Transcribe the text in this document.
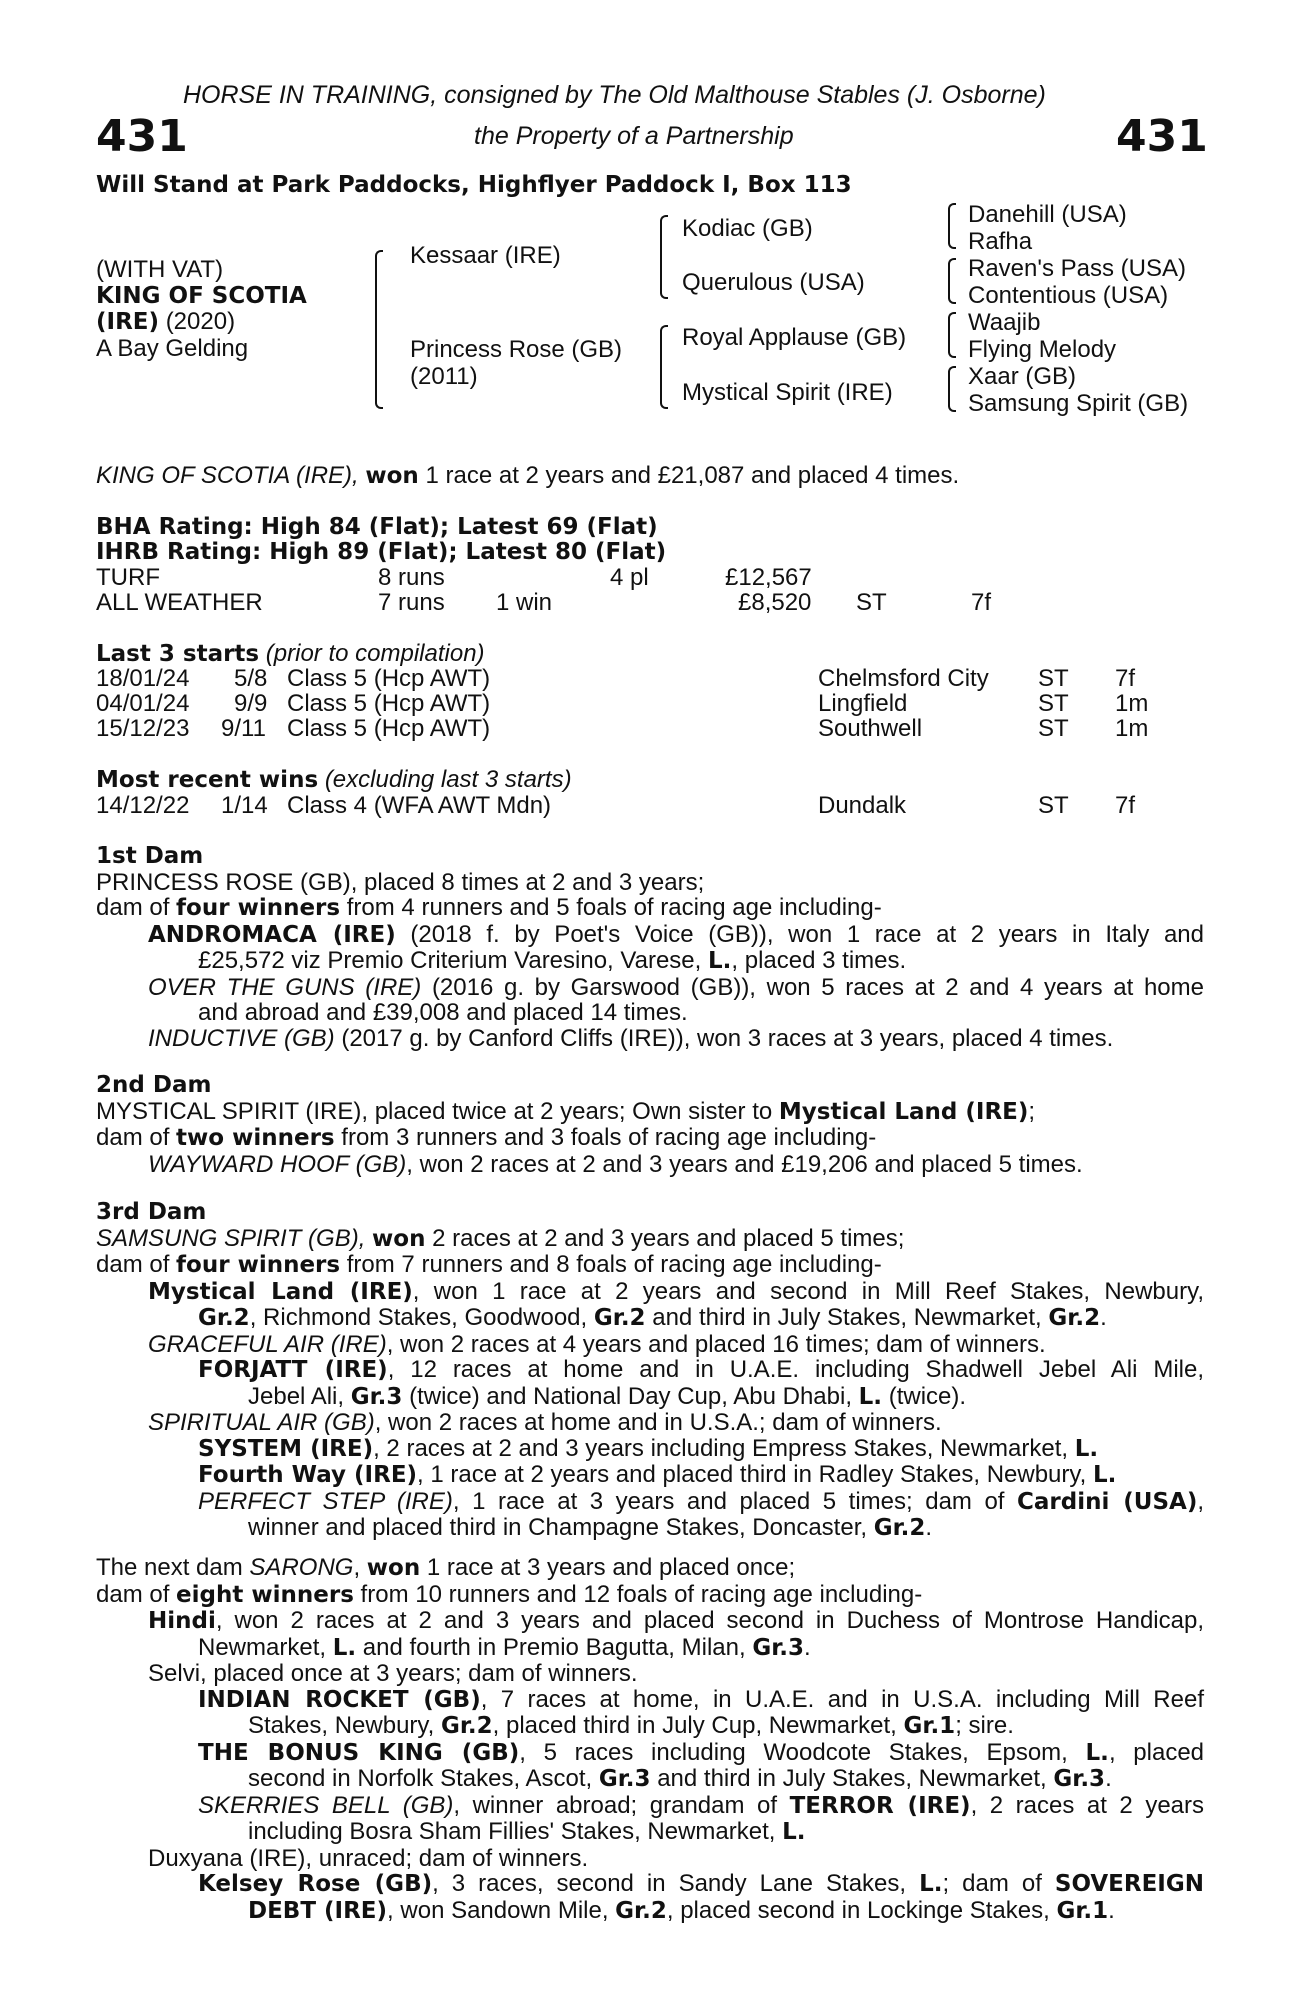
HORSE IN TRAINING, consigned by The Old Malthouse Stables (J. Osborne)
431	the Property of a Partnership	431
Will Stand at Park Paddocks, Highflyer Paddock I, Box 113
(WITH VAT)
KING OF SCOTIA
(IRE) (2020)
A Bay Gelding
Kessaar (IRE)
Princess Rose (GB)
(2011)
Kodiac (GB)
Querulous (USA)
Royal Applause (GB)
Mystical Spirit (IRE)
Danehill (USA)
Rafha
Raven's Pass (USA)
Contentious (USA)
Waajib
Flying Melody
Xaar (GB)
Samsung Spirit (GB)
KING OF SCOTIA (IRE), won 1 race at 2 years and £21,087 and placed 4 times.
BHA Rating: High 84 (Flat); Latest 69 (Flat)
IHRB Rating: High 89 (Flat); Latest 80 (Flat)
TURF	8 runs	4 pl	£12,567
ALL WEATHER	7 runs 1 win	£8,520 ST	7f
Last 3 starts (prior to compilation)
18/01/24 5/8 Class 5 (Hcp AWT)	Chelmsford City ST 7f
04/01/24 9/9 Class 5 (Hcp AWT)	Lingfield	ST 1m
15/12/23 9/11 Class 5 (Hcp AWT)	Southwell	ST 1m
Most recent wins (excluding last 3 starts)
14/12/22 1/14 Class 4 (WFA AWT Mdn)	Dundalk	ST 7f
1st Dam
PRINCESS ROSE (GB), placed 8 times at 2 and 3 years;
dam of four winners from 4 runners and 5 foals of racing age including-
ANDROMACA (IRE) (2018 f. by Poet's Voice (GB)), won 1 race at 2 years in Italy and
£25,572 viz Premio Criterium Varesino, Varese, L., placed 3 times.
OVER THE GUNS (IRE) (2016 g. by Garswood (GB)), won 5 races at 2 and 4 years at home
and abroad and £39,008 and placed 14 times.
INDUCTIVE (GB) (2017 g. by Canford Cliffs (IRE)), won 3 races at 3 years, placed 4 times.
2nd Dam
MYSTICAL SPIRIT (IRE), placed twice at 2 years; Own sister to Mystical Land (IRE);
dam of two winners from 3 runners and 3 foals of racing age including-
WAYWARD HOOF (GB), won 2 races at 2 and 3 years and £19,206 and placed 5 times.
3rd Dam
SAMSUNG SPIRIT (GB), won 2 races at 2 and 3 years and placed 5 times;
dam of four winners from 7 runners and 8 foals of racing age including-
Mystical Land (IRE), won 1 race at 2 years and second in Mill Reef Stakes, Newbury,
Gr.2, Richmond Stakes, Goodwood, Gr.2 and third in July Stakes, Newmarket, Gr.2.
GRACEFUL AIR (IRE), won 2 races at 4 years and placed 16 times; dam of winners.
FORJATT (IRE), 12 races at home and in U.A.E. including Shadwell Jebel Ali Mile,
Jebel Ali, Gr.3 (twice) and National Day Cup, Abu Dhabi, L. (twice).
SPIRITUAL AIR (GB), won 2 races at home and in U.S.A.; dam of winners.
SYSTEM (IRE), 2 races at 2 and 3 years including Empress Stakes, Newmarket, L.
Fourth Way (IRE), 1 race at 2 years and placed third in Radley Stakes, Newbury, L.
PERFECT STEP (IRE), 1 race at 3 years and placed 5 times; dam of Cardini (USA),
winner and placed third in Champagne Stakes, Doncaster, Gr.2.
The next dam SARONG, won 1 race at 3 years and placed once;
dam of eight winners from 10 runners and 12 foals of racing age including-
Hindi, won 2 races at 2 and 3 years and placed second in Duchess of Montrose Handicap,
Newmarket, L. and fourth in Premio Bagutta, Milan, Gr.3.
Selvi, placed once at 3 years; dam of winners.
INDIAN ROCKET (GB), 7 races at home, in U.A.E. and in U.S.A. including Mill Reef
Stakes, Newbury, Gr.2, placed third in July Cup, Newmarket, Gr.1; sire.
THE BONUS KING (GB), 5 races including Woodcote Stakes, Epsom, L., placed
second in Norfolk Stakes, Ascot, Gr.3 and third in July Stakes, Newmarket, Gr.3.
SKERRIES BELL (GB), winner abroad; grandam of TERROR (IRE), 2 races at 2 years
including Bosra Sham Fillies' Stakes, Newmarket, L.
Duxyana (IRE), unraced; dam of winners.
Kelsey Rose (GB), 3 races, second in Sandy Lane Stakes, L.; dam of SOVEREIGN
DEBT (IRE), won Sandown Mile, Gr.2, placed second in Lockinge Stakes, Gr.1.
